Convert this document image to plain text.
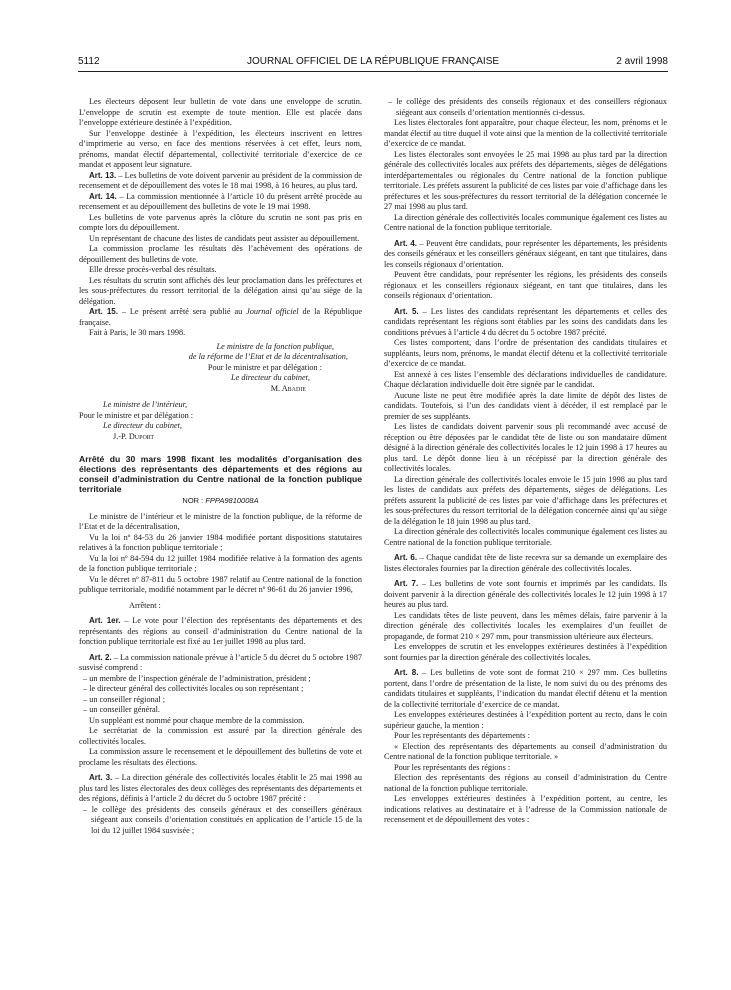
5112	JOURNAL OFFICIEL DE LA RÉPUBLIQUE FRANÇAISE	2 avril 1998

Les électeurs déposent leur bulletin de vote dans une enveloppe de scrutin. L’enveloppe de scrutin est exempte de toute mention. Elle est placée dans l’enveloppe extérieure destinée à l’expédition.

Sur l’enveloppe destinée à l’expédition, les électeurs inscrivent en lettres d’imprimerie au verso, en face des mentions réservées à cet effet, leurs nom, prénoms, mandat électif départemental, collectivité territoriale d’exercice de ce mandat et apposent leur signature.

Art. 13. – Les bulletins de vote doivent parvenir au président de la commission de recensement et de dépouillement des votes le 18 mai 1998, à 16 heures, au plus tard.

Art. 14. – La commission mentionnée à l’article 10 du présent arrêté procède au recensement et au dépouillement des bulletins de vote le 19 mai 1998.

Les bulletins de vote parvenus après la clôture du scrutin ne sont pas pris en compte lors du dépouillement.

Un représentant de chacune des listes de candidats peut assister au dépouillement.

La commission proclame les résultats dès l’achèvement des opérations de dépouillement des bulletins de vote.

Elle dresse procès-verbal des résultats.

Les résultats du scrutin sont affichés dès leur proclamation dans les préfectures et les sous-préfectures du ressort territorial de la délégation ainsi qu’au siège de la délégation.

Art. 15. – Le présent arrêté sera publié au Journal officiel de la République française.

Fait à Paris, le 30 mars 1998.

Le ministre de la fonction publique,

de la réforme de l’Etat et de la décentralisation,

Pour le ministre et par délégation :

Le directeur du cabinet,

M. Abadie

Le ministre de l’intérieur,

Pour le ministre et par délégation :

Le directeur du cabinet,

J.-P. Duport

Arrêté du 30 mars 1998 fixant les modalités d’organisation des élections des représentants des départements et des régions au conseil d’administration du Centre national de la fonction publique territoriale

NOR : FPPA9810008A

Le ministre de l’intérieur et le ministre de la fonction publique, de la réforme de l’Etat et de la décentralisation,

Vu la loi nº 84-53 du 26 janvier 1984 modifiée portant dispositions statutaires relatives à la fonction publique territoriale ;

Vu la loi nº 84-594 du 12 juillet 1984 modifiée relative à la formation des agents de la fonction publique territoriale ;

Vu le décret nº 87-811 du 5 octobre 1987 relatif au Centre national de la fonction publique territoriale, modifié notamment par le décret nº 96-61 du 26 janvier 1996,

Arrêtent :

Art. 1er. – Le vote pour l’élection des représentants des départements et des représentants des régions au conseil d’administration du Centre national de la fonction publique territoriale est fixé au 1er juillet 1998 au plus tard.

Art. 2. – La commission nationale prévue à l’article 5 du décret du 5 octobre 1987 susvisé comprend :

– un membre de l’inspection générale de l’administration, président ;

– le directeur général des collectivités locales ou son représentant ;

– un conseiller régional ;

– un conseiller général.

Un suppléant est nommé pour chaque membre de la commission.

Le secrétariat de la commission est assuré par la direction générale des collectivités locales.

La commission assure le recensement et le dépouillement des bulletins de vote et proclame les résultats des élections.

Art. 3. – La direction générale des collectivités locales établit le 25 mai 1998 au plus tard les listes électorales des deux collèges des représentants des départements et des régions, définis à l’article 2 du décret du 5 octobre 1987 précité :

– le collège des présidents des conseils généraux et des conseillers généraux siégeant aux conseils d’orientation constitués en application de l’article 15 de la loi du 12 juillet 1984 susvisée ;

– le collège des présidents des conseils régionaux et des conseillers régionaux siégeant aux conseils d’orientation mentionnés ci-dessus.

Les listes électorales font apparaître, pour chaque électeur, les nom, prénoms et le mandat électif au titre duquel il vote ainsi que la mention de la collectivité territoriale d’exercice de ce mandat.

Les listes électorales sont envoyées le 25 mai 1998 au plus tard par la direction générale des collectivités locales aux préfets des départements, sièges de délégations interdépartementales ou régionales du Centre national de la fonction publique territoriale. Les préfets assurent la publicité de ces listes par voie d’affichage dans les préfectures et les sous-préfectures du ressort territorial de la délégation concernée le 27 mai 1998 au plus tard.

La direction générale des collectivités locales communique également ces listes au Centre national de la fonction publique territoriale.

Art. 4. – Peuvent être candidats, pour représenter les départements, les présidents des conseils généraux et les conseillers généraux siégeant, en tant que titulaires, dans les conseils régionaux d’orientation.

Peuvent être candidats, pour représenter les régions, les présidents des conseils régionaux et les conseillers régionaux siégeant, en tant que titulaires, dans les conseils régionaux d’orientation.

Art. 5. – Les listes des candidats représentant les départements et celles des candidats représentant les régions sont établies par les soins des candidats dans les conditions prévues à l’article 4 du décret du 5 octobre 1987 précité.

Ces listes comportent, dans l’ordre de présentation des candidats titulaires et suppléants, leurs nom, prénoms, le mandat électif détenu et la collectivité territoriale d’exercice de ce mandat.

Est annexé à ces listes l’ensemble des déclarations individuelles de candidature. Chaque déclaration individuelle doit être signée par le candidat.

Aucune liste ne peut être modifiée après la date limite de dépôt des listes de candidats. Toutefois, si l’un des candidats vient à décéder, il est remplacé par le premier de ses suppléants.

Les listes de candidats doivent parvenir sous pli recommandé avec accusé de réception ou être déposées par le candidat tête de liste ou son mandataire dûment désigné à la direction générale des collectivités locales le 12 juin 1998 à 17 heures au plus tard. Le dépôt donne lieu à un récépissé par la direction générale des collectivités locales.

La direction générale des collectivités locales envoie le 15 juin 1998 au plus tard les listes de candidats aux préfets des départements, sièges de délégations. Les préfets assurent la publicité de ces listes par voie d’affichage dans les préfectures et les sous-préfectures du ressort territorial de la délégation concernée ainsi qu’au siège de la délégation le 18 juin 1998 au plus tard.

La direction générale des collectivités locales communique également ces listes au Centre national de la fonction publique territoriale.

Art. 6. – Chaque candidat tête de liste recevra sur sa demande un exemplaire des listes électorales fournies par la direction générale des collectivités locales.

Art. 7. – Les bulletins de vote sont fournis et imprimés par les candidats. Ils doivent parvenir à la direction générale des collectivités locales le 12 juin 1998 à 17 heures au plus tard.

Les candidats têtes de liste peuvent, dans les mêmes délais, faire parvenir à la direction générale des collectivités locales les exemplaires d’un feuillet de propagande, de format 210 × 297 mm, pour transmission ultérieure aux électeurs.

Les enveloppes de scrutin et les enveloppes extérieures destinées à l’expédition sont fournies par la direction générale des collectivités locales.

Art. 8. – Les bulletins de vote sont de format 210 × 297 mm. Ces bulletins portent, dans l’ordre de présentation de la liste, le nom suivi du ou des prénoms des candidats titulaires et suppléants, l’indication du mandat électif détenu et la mention de la collectivité territoriale d’exercice de ce mandat.

Les enveloppes extérieures destinées à l’expédition portent au recto, dans le coin supérieur gauche, la mention :

Pour les représentants des départements :

« Election des représentants des départements au conseil d’administration du Centre national de la fonction publique territoriale. »

Pour les représentants des régions :

Election des représentants des régions au conseil d’administration du Centre national de la fonction publique territoriale.

Les enveloppes extérieures destinées à l’expédition portent, au centre, les indications relatives au destinataire et à l’adresse de la Commission nationale de recensement et de dépouillement des votes :
